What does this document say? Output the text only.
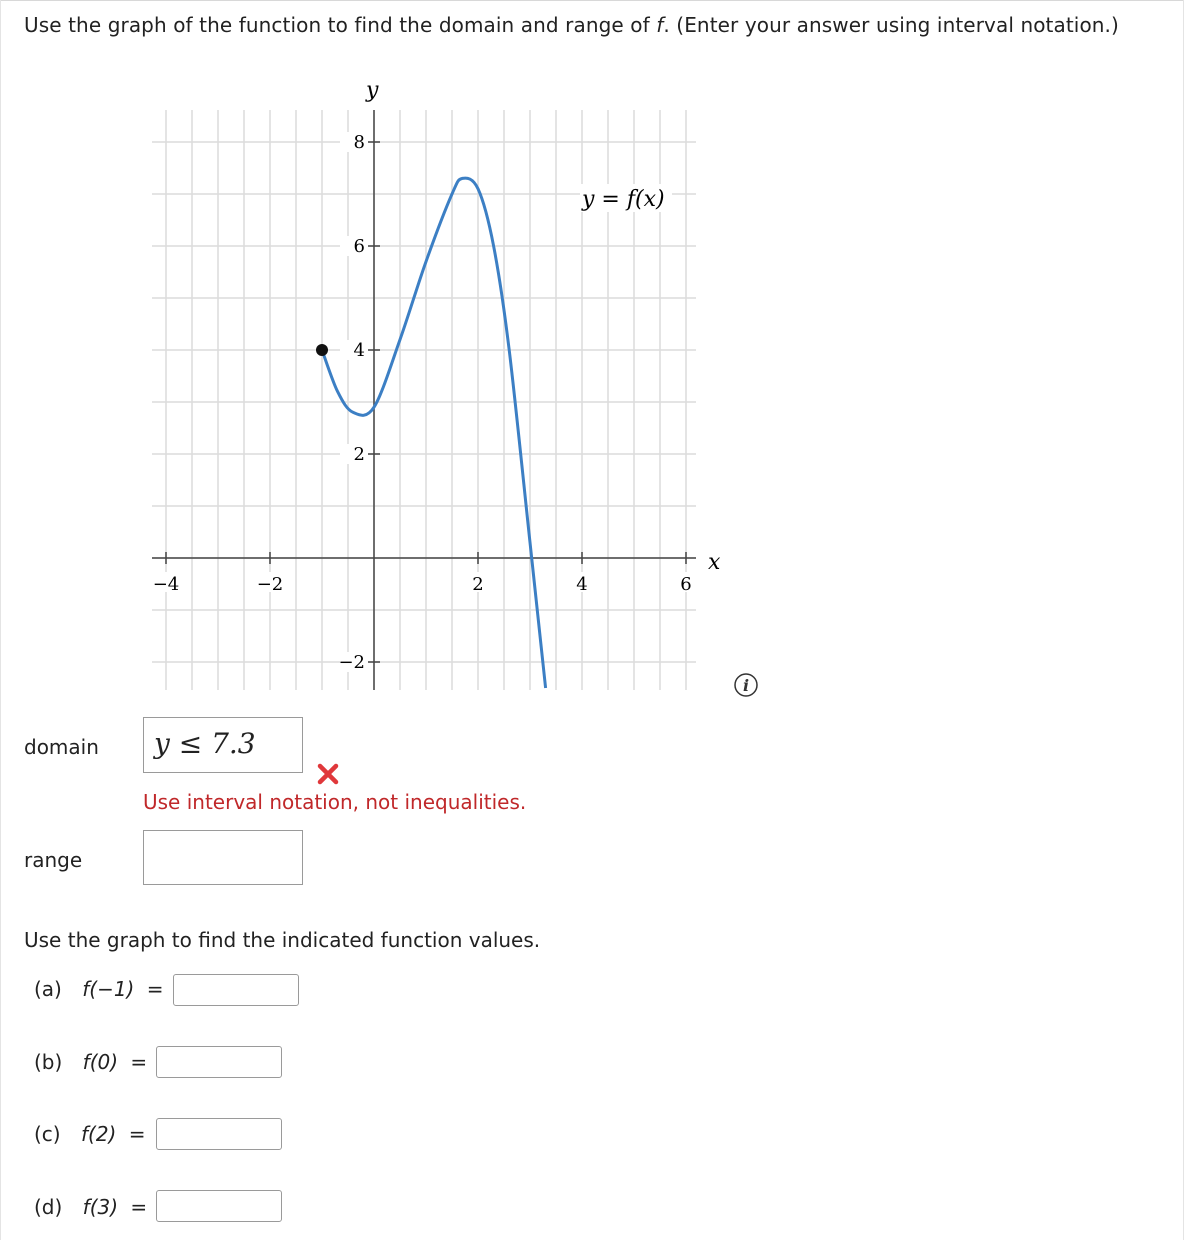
Use the graph of the function to find the domain and range of f. (Enter your answer using interval notation.)
−4	−2	2	4	6
8
6
4
2
−2
y
x
y = f(x)
i
domain y ≤ 7.3
Use interval notation, not inequalities.
range
Use the graph to find the indicated function values.
(a) f(−1) =
(b) f(0) =
(c) f(2) =
(d) f(3) =
